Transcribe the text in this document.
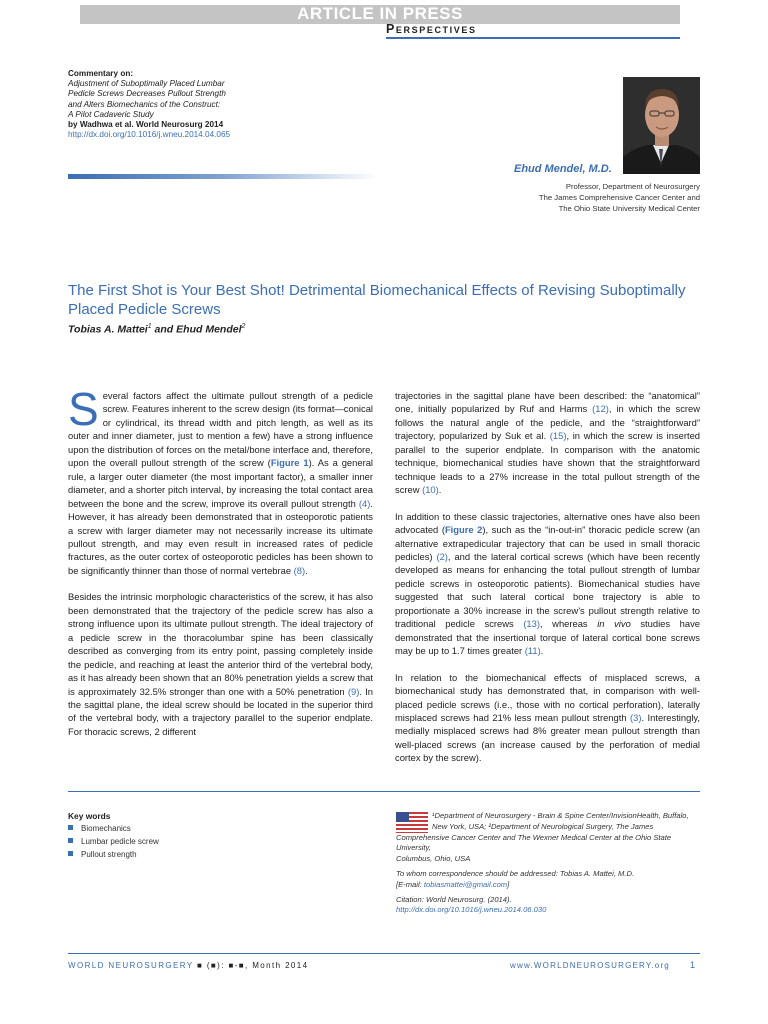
ARTICLE IN PRESS
Perspectives
Commentary on:
Adjustment of Suboptimally Placed Lumbar
Pedicle Screws Decreases Pullout Strength
and Alters Biomechanics of the Construct:
A Pilot Cadaveric Study
by Wadhwa et al. World Neurosurg 2014
http://dx.doi.org/10.1016/j.wneu.2014.04.065
Ehud Mendel, M.D.
Professor, Department of Neurosurgery
The James Comprehensive Cancer Center and
The Ohio State University Medical Center
The First Shot is Your Best Shot! Detrimental Biomechanical Effects of Revising Suboptimally Placed Pedicle Screws
Tobias A. Mattei$^1$ and Ehud Mendel$^2$

Several factors affect the ultimate pullout strength of a pedicle screw. Features inherent to the screw design (its format—conical or cylindrical, its thread width and pitch length, as well as its outer and inner diameter, just to mention a few) have a strong influence upon the distribution of forces on the metal/bone interface and, therefore, upon the overall pullout strength of the screw (Figure 1). As a general rule, a larger outer diameter (the most important factor), a smaller inner diameter, and a shorter pitch interval, by increasing the total contact area between the bone and the screw, improve its overall pullout strength (4). However, it has already been demonstrated that in osteoporotic patients a screw with larger diameter may not necessarily increase its ultimate pullout strength, and may even result in increased rates of pedicle fractures, as the outer cortex of osteoporotic pedicles has been shown to be significantly thinner than those of normal vertebrae (8).

Besides the intrinsic morphologic characteristics of the screw, it has also been demonstrated that the trajectory of the pedicle screw has also a strong influence upon its ultimate pullout strength. The ideal trajectory of a pedicle screw in the thoracolumbar spine has been classically described as converging from its entry point, passing completely inside the pedicle, and reaching at least the anterior third of the vertebral body, as it has already been shown that an 80% penetration yields a screw that is approximately 32.5% stronger than one with a 50% penetration (9). In the sagittal plane, the ideal screw should be located in the superior third of the vertebral body, with a trajectory parallel to the superior endplate. For thoracic screws, 2 different

trajectories in the sagittal plane have been described: the “anatomical” one, initially popularized by Ruf and Harms (12), in which the screw follows the natural angle of the pedicle, and the “straightforward” trajectory, popularized by Suk et al. (15), in which the screw is inserted parallel to the superior endplate. In comparison with the anatomic technique, biomechanical studies have shown that the straightforward technique leads to a 27% increase in the total pullout strength of the screw (10).

In addition to these classic trajectories, alternative ones have also been advocated (Figure 2), such as the “in-out-in” thoracic pedicle screw (an alternative extrapedicular trajectory that can be used in small thoracic pedicles) (2), and the lateral cortical screws (which have been recently developed as means for enhancing the total pullout strength of lumbar pedicle screws in osteoporotic patients). Biomechanical studies have suggested that such lateral cortical bone trajectory is able to proportionate a 30% increase in the screw’s pullout strength relative to traditional pedicle screws (13), whereas in vivo studies have demonstrated that the insertional torque of lateral cortical bone screws may be up to 1.7 times greater (11).

In relation to the biomechanical effects of misplaced screws, a biomechanical study has demonstrated that, in comparison with well-placed pedicle screws (i.e., those with no cortical perforation), laterally misplaced screws had 21% less mean pullout strength (3). Interestingly, medially misplaced screws had 8% greater mean pullout strength than well-placed screws (an increase caused by the perforation of medial cortex by the screw).

Key words
Biomechanics
Lumbar pedicle screw
Pullout strength
¹Department of Neurosurgery - Brain & Spine Center/InvisionHealth, Buffalo,
New York, USA; ²Department of Neurological Surgery, The James
Comprehensive Cancer Center and The Wexner Medical Center at the Ohio State University,
Columbus, Ohio, USA
To whom correspondence should be addressed: Tobias A. Mattei, M.D.
[E-mail: tobiasmattei@gmail.com]
Citation: World Neurosurg. (2014).
http://dx.doi.org/10.1016/j.wneu.2014.06.030
WORLD NEUROSURGERY ■ (■): ■-■, Month 2014	www.WORLDNEUROSURGERY.org 1
